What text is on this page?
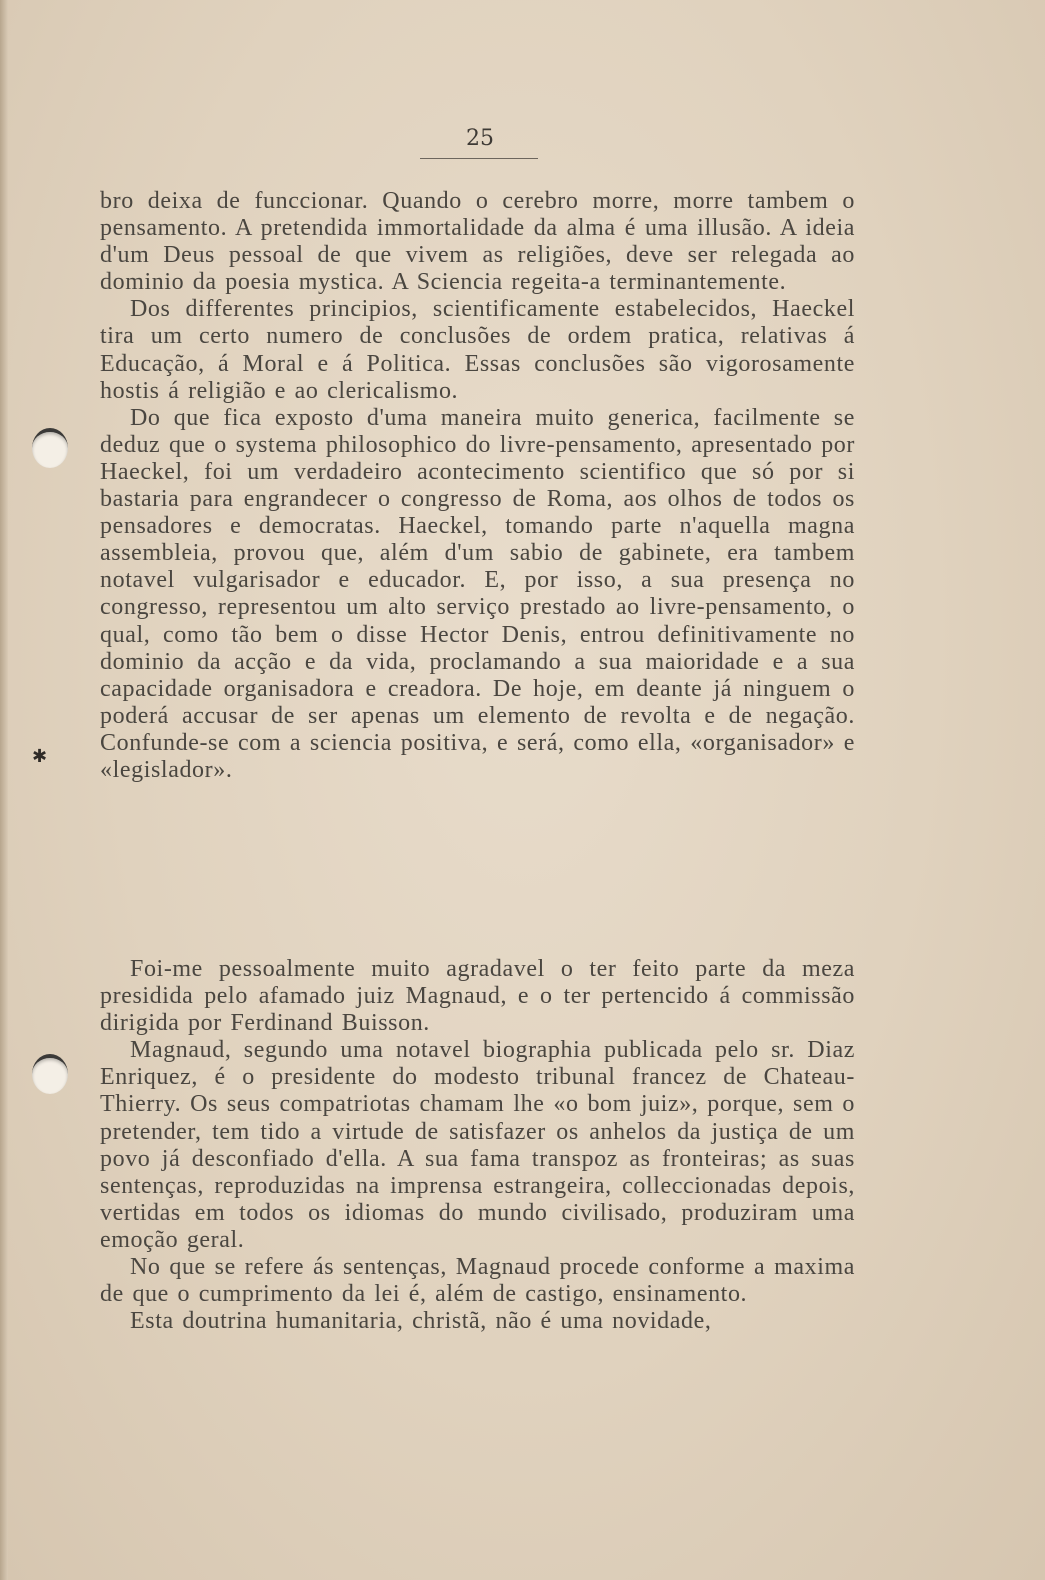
✱
25

bro deixa de funccionar. Quando o cerebro morre, morre tambem o pensamento. A pretendida immortalidade da alma é uma illusão. A ideia d'um Deus pessoal de que vivem as religiões, deve ser relegada ao dominio da poesia mystica. A Sciencia regeita-a terminantemente.

Dos differentes principios, scientificamente estabelecidos, Haeckel tira um certo numero de conclusões de ordem pratica, relativas á Educação, á Moral e á Politica. Essas conclusões são vigorosamente hostis á religião e ao clericalismo.

Do que fica exposto d'uma maneira muito generica, facilmente se deduz que o systema philosophico do livre-pensamento, apresentado por Haeckel, foi um verdadeiro acontecimento scientifico que só por si bastaria para engrandecer o congresso de Roma, aos olhos de todos os pensadores e democratas. Haeckel, tomando parte n'aquella magna assembleia, provou que, além d'um sabio de gabinete, era tambem notavel vulgarisador e educador. E, por isso, a sua presença no congresso, representou um alto serviço prestado ao livre-pensamento, o qual, como tão bem o disse Hector Denis, entrou definitivamente no dominio da acção e da vida, proclamando a sua maioridade e a sua capacidade organisadora e creadora. De hoje, em deante já ninguem o poderá accusar de ser apenas um elemento de revolta e de negação. Confunde-se com a sciencia positiva, e será, como ella, «organisador» e «legislador».

Foi-me pessoalmente muito agradavel o ter feito parte da meza presidida pelo afamado juiz Magnaud, e o ter pertencido á commissão dirigida por Ferdinand Buisson.

Magnaud, segundo uma notavel biographia publicada pelo sr. Diaz Enriquez, é o presidente do modesto tribunal francez de Chateau-Thierry. Os seus compatriotas chamam lhe «o bom juiz», porque, sem o pretender, tem tido a virtude de satisfazer os anhelos da justiça de um povo já desconfiado d'ella. A sua fama transpoz as fronteiras; as suas sentenças, reproduzidas na imprensa estrangeira, colleccionadas depois, vertidas em todos os idiomas do mundo civilisado, produziram uma emoção geral.

No que se refere ás sentenças, Magnaud procede conforme a maxima de que o cumprimento da lei é, além de castigo, ensinamento.

Esta doutrina humanitaria, christã, não é uma novidade,
